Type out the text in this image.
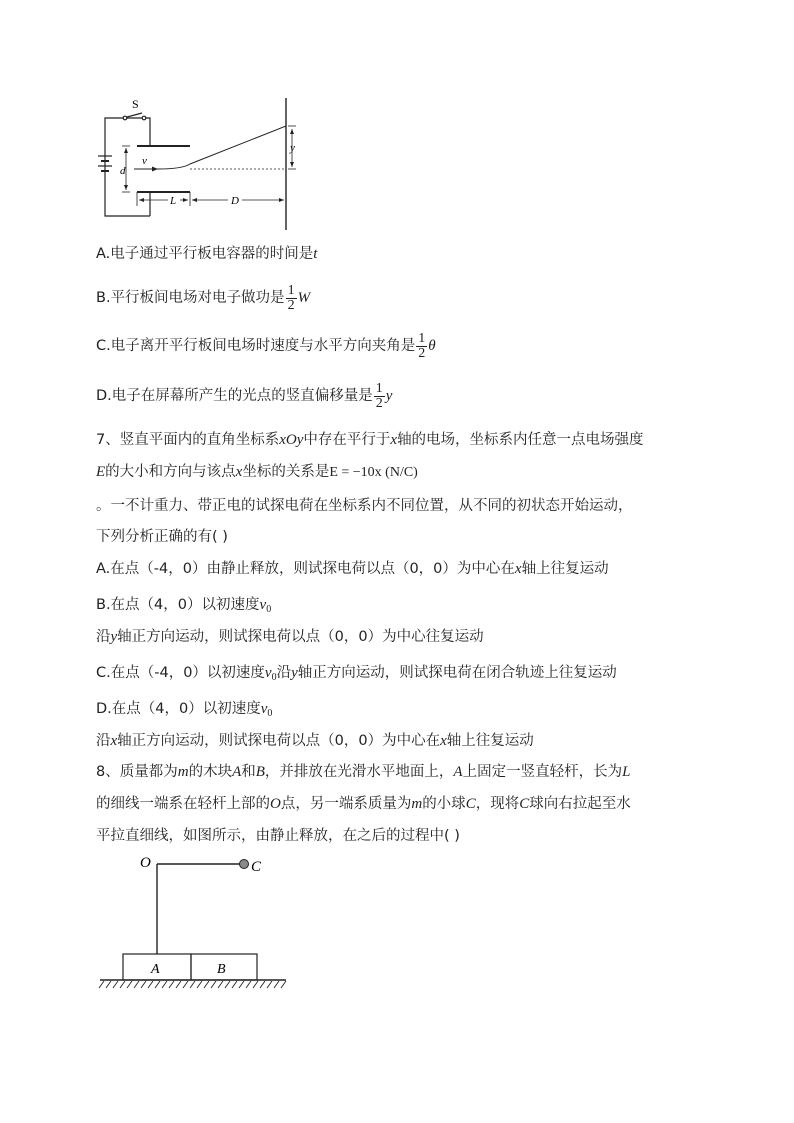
S
v
d
L	D
y
A.电子通过平行板电容器的时间是t
B.平行板间电场对电子做功是 $\frac{1}{2}$ W
C.电子离开平行板间电场时速度与水平方向夹角是 $\frac{1}{2}$ θ
D.电子在屏幕所产生的光点的竖直偏移量是 $\frac{1}{2}$ y
7、竖直平面内的直角坐标系xOy中存在平行于x轴的电场，坐标系内任意一点电场强度
E的大小和方向与该点x坐标的关系是E = −10x (N/C)
。一不计重力、带正电的试探电荷在坐标系内不同位置，从不同的初状态开始运动，
下列分析正确的有( )
A.在点（-4，0）由静止释放，则试探电荷以点（0，0）为中心在x轴上往复运动
B.在点（4，0）以初速度$v_0$
沿y轴正方向运动，则试探电荷以点（0，0）为中心往复运动
C.在点（-4，0）以初速度$v_0$沿y轴正方向运动，则试探电荷在闭合轨迹上往复运动
D.在点（4，0）以初速度$v_0$
沿x轴正方向运动，则试探电荷以点（0，0）为中心在x轴上往复运动
8、质量都为m的木块A和B，并排放在光滑水平地面上，A上固定一竖直轻杆，长为L
的细线一端系在轻杆上部的O点，另一端系质量为m的小球C，现将C球向右拉起至水
平拉直细线，如图所示，由静止释放，在之后的过程中( )
O	C
A	B
